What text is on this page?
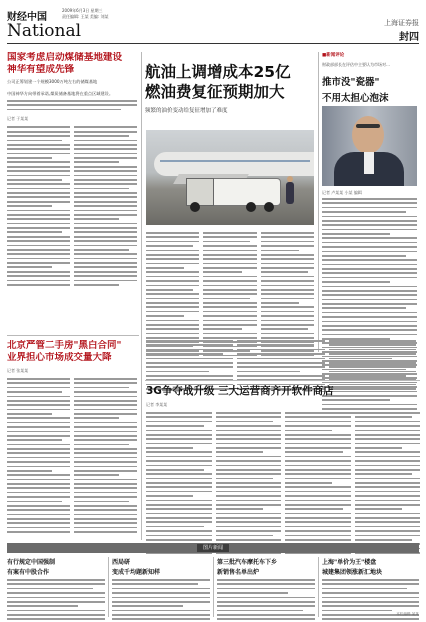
财经中国
2009年6月3日 星期三
责任编辑: 王某 美编: 刘某
National	上海证券报
封四
国家考虑启动煤储基地建设
神华有望成先锋
公司正筹划建一个规模3000万吨左右的储煤基地
中国神华方向带着承诺,煤炭储备基地将在重点区域建设。
记者 于某某
航油上调增成本25亿
燃油费复征预期加大
频繁的油价变动给复征增加了难度
■新闻评论
财政部部长在评估中主要认为市场对…
推市没"瓷器"
不用太担心泡沫
记者 卢某某 小某 编辑
北京严管二手房"黑白合同"
业界担心市场成交量大降
记者 张某某
3G争夺战升级 三大运营商齐开软件商店
记者 李某某
图片新闻
有行规定中国强制
有案有中股合作
西局研
变成千均题新知样
第三批汽车摩托车下乡
新销售名单出炉
上海"单价为王"楼盘
城建集团领涨新汇地块
本栏编辑 某某
